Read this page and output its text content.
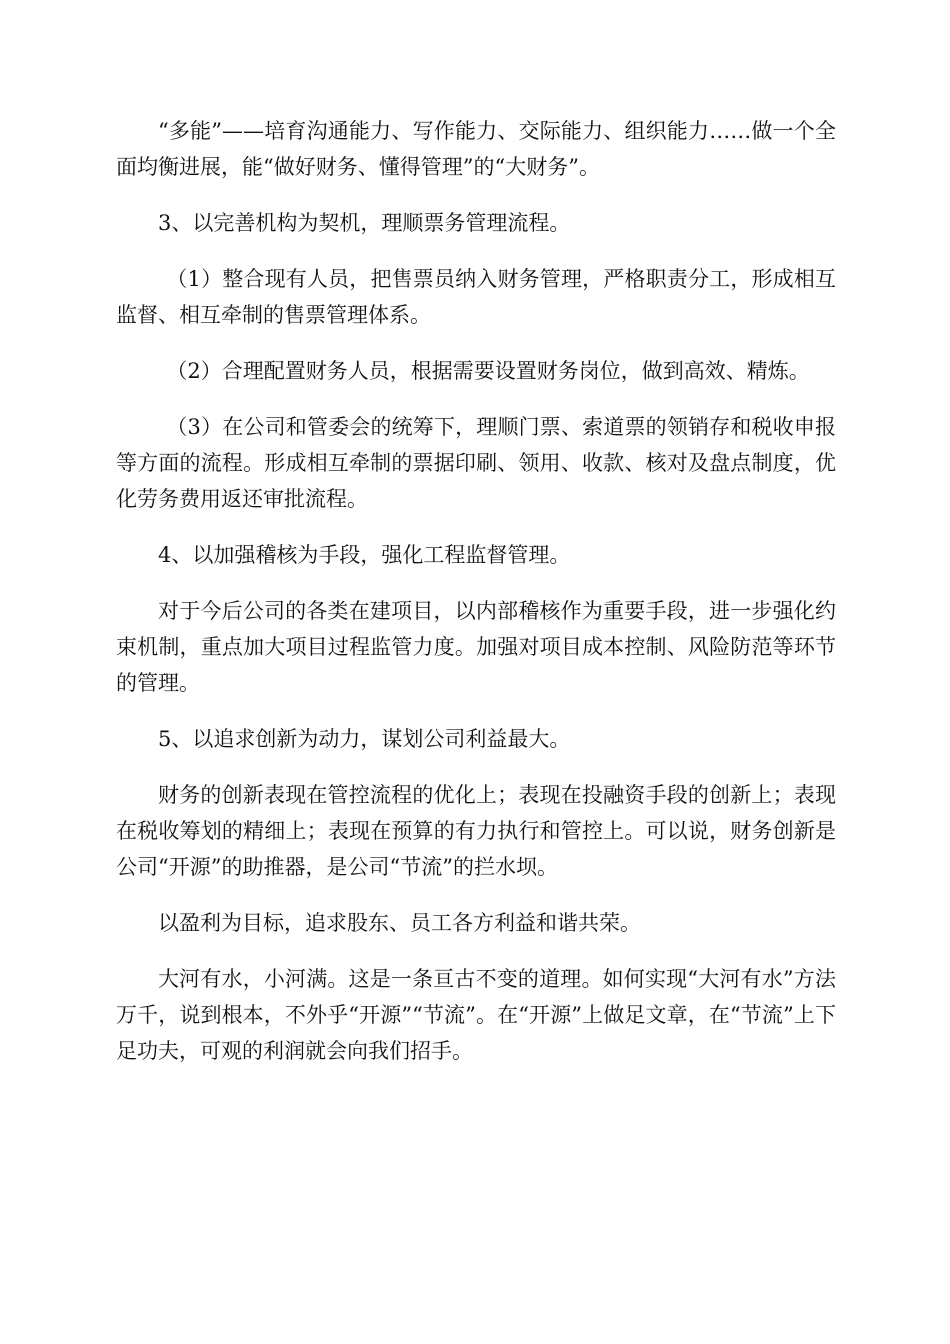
“多能”——培育沟通能力、写作能力、交际能力、组织能力……做一个全面均衡进展，能“做好财务、懂得管理”的“大财务”。

3、以完善机构为契机，理顺票务管理流程。

（1）整合现有人员，把售票员纳入财务管理，严格职责分工，形成相互监督、相互牵制的售票管理体系。

（2）合理配置财务人员，根据需要设置财务岗位，做到高效、精炼。

（3）在公司和管委会的统筹下，理顺门票、索道票的领销存和税收申报等方面的流程。形成相互牵制的票据印刷、领用、收款、核对及盘点制度，优化劳务费用返还审批流程。

4、以加强稽核为手段，强化工程监督管理。

对于今后公司的各类在建项目，以内部稽核作为重要手段，进一步强化约束机制，重点加大项目过程监管力度。加强对项目成本控制、风险防范等环节的管理。

5、以追求创新为动力，谋划公司利益最大。

财务的创新表现在管控流程的优化上；表现在投融资手段的创新上；表现在税收筹划的精细上；表现在预算的有力执行和管控上。可以说，财务创新是公司“开源”的助推器，是公司“节流”的拦水坝。

以盈利为目标，追求股东、员工各方利益和谐共荣。

大河有水，小河满。这是一条亘古不变的道理。如何实现“大河有水”方法万千，说到根本，不外乎“开源”“节流”。在“开源”上做足文章，在“节流”上下足功夫，可观的利润就会向我们招手。
